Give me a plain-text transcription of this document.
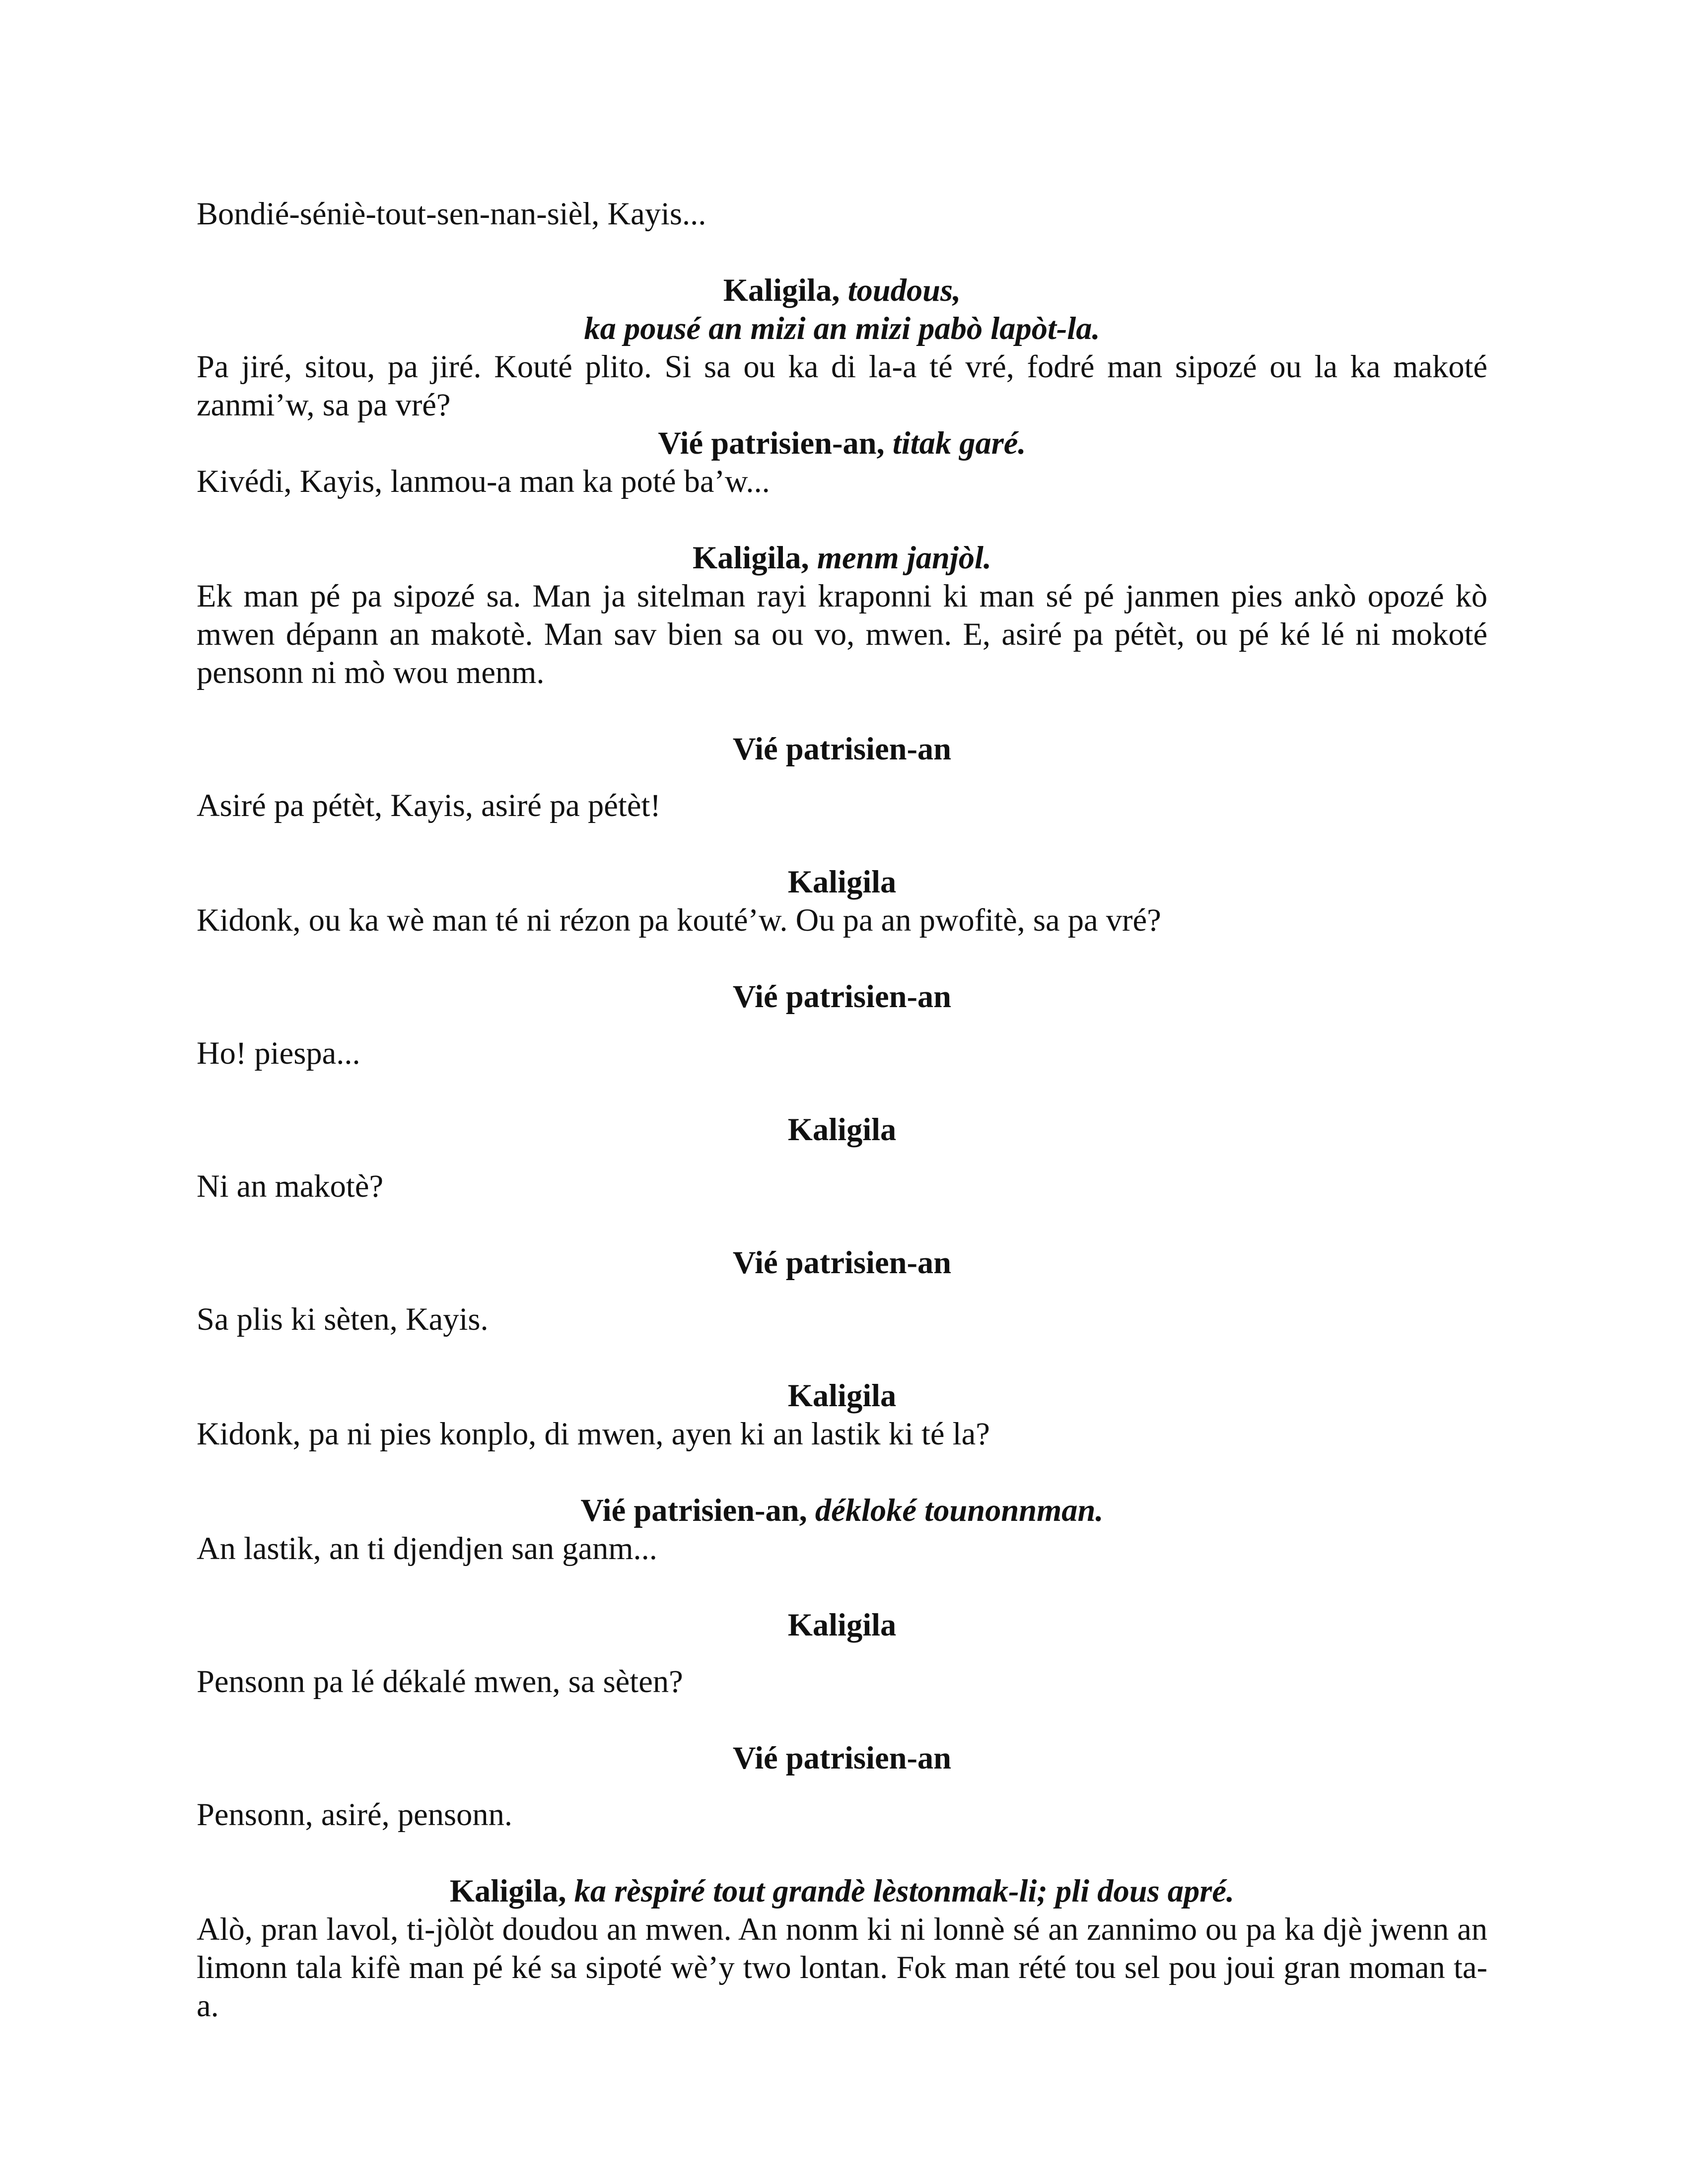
Bondié-séniè-tout-sen-nan-sièl, Kayis...

Kaligila, toudous,

ka pousé an mizi an mizi pabò lapòt-la.

Pa jiré, sitou, pa jiré. Kouté plito. Si sa ou ka di la-a té vré, fodré man sipozé ou la ka makoté zanmi’w, sa pa vré?

Vié patrisien-an, titak garé.

Kivédi, Kayis, lanmou-a man ka poté ba’w...

Kaligila, menm janjòl.

Ek man pé pa sipozé sa. Man ja sitelman rayi kraponni ki man sé pé janmen pies ankò opozé kò mwen dépann an makotè. Man sav bien sa ou vo, mwen. E, asiré pa pétèt, ou pé ké lé ni mokoté pensonn ni mò wou menm.

Vié patrisien-an

Asiré pa pétèt, Kayis, asiré pa pétèt!

Kaligila

Kidonk, ou ka wè man té ni rézon pa kouté’w. Ou pa an pwofitè, sa pa vré?

Vié patrisien-an

Ho! piespa...

Kaligila

Ni an makotè?

Vié patrisien-an

Sa plis ki sèten, Kayis.

Kaligila

Kidonk, pa ni pies konplo, di mwen, ayen ki an lastik ki té la?

Vié patrisien-an, dékloké tounonnman.

An lastik, an ti djendjen san ganm...

Kaligila

Pensonn pa lé dékalé mwen, sa sèten?

Vié patrisien-an

Pensonn, asiré, pensonn.

Kaligila, ka rèspiré tout grandè lèstonmak-li; pli dous apré.

Alò, pran lavol, ti-jòlòt doudou an mwen. An nonm ki ni lonnè sé an zannimo ou pa ka djè jwenn an limonn tala kifè man pé ké sa sipoté wè’y two lontan. Fok man rété tou sel pou joui gran moman ta-a.
